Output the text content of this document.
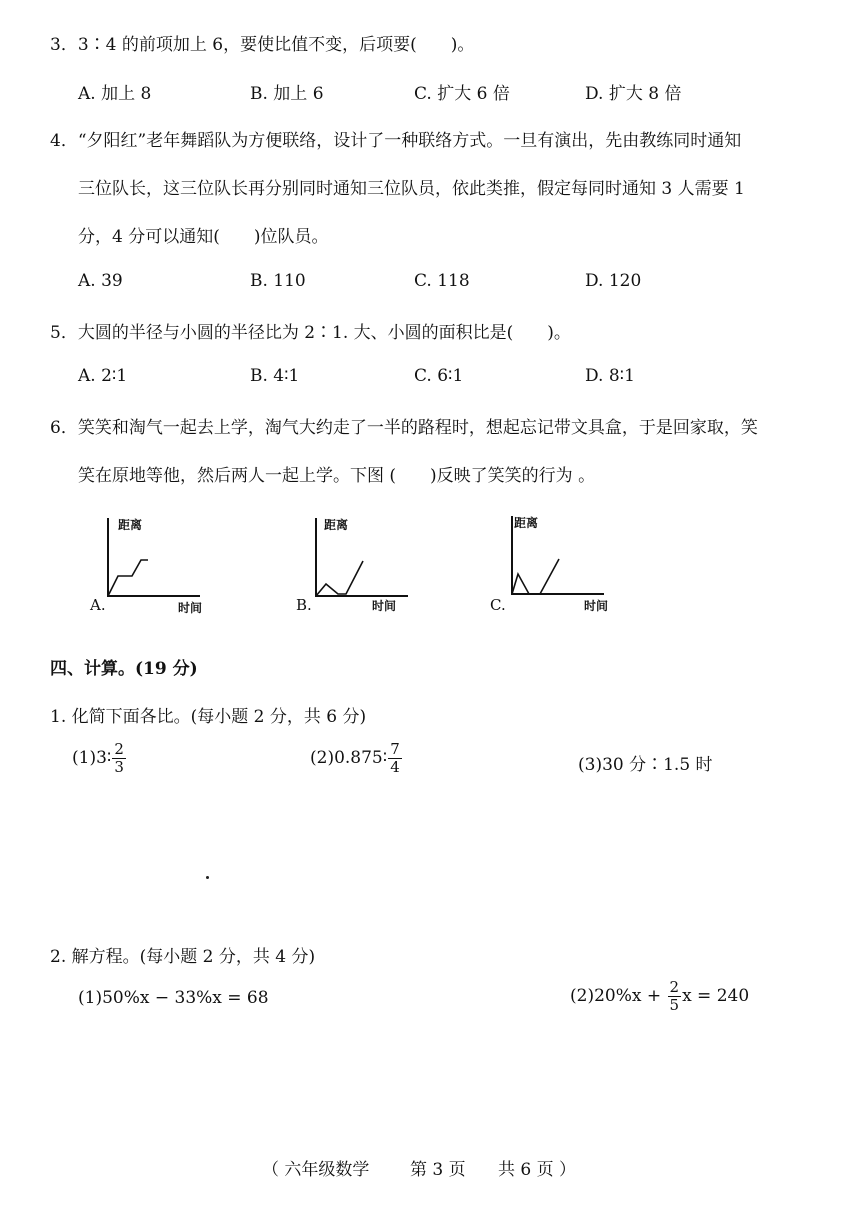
3．3∶4 的前项加上 6，要使比值不变，后项要(　　)。
A. 加上 8	B. 加上 6	C. 扩大 6 倍	D. 扩大 8 倍
4．“夕阳红”老年舞蹈队为方便联络，设计了一种联络方式。一旦有演出，先由教练同时通知
三位队长，这三位队长再分别同时通知三位队员，依此类推，假定每同时通知 3 人需要 1
分，4 分可以通知(　　)位队员。
A. 39	B. 110	C. 118	D. 120
5．大圆的半径与小圆的半径比为 2∶1. 大、小圆的面积比是(　　)。
A. 2∶1	B. 4∶1	C. 6∶1	D. 8∶1
6．笑笑和淘气一起去上学，淘气大约走了一半的路程时，想起忘记带文具盒，于是回家取，笑
笑在原地等他，然后两人一起上学。下图 (　　)反映了笑笑的行为 。
距离
时间
A.
距离
时间
B.
距离
时间
C.
四、计算。(19 分)
1. 化简下面各比。(每小题 2 分，共 6 分)
(1)3∶ $\frac{2}{3}$	(2)0.875∶ $\frac{7}{4}$	(3)30 分∶1.5 时
2. 解方程。(每小题 2 分，共 4 分)
(1)50%x − 33%x = 68	$(2)20\%x + \frac{2}{5}$ x = 240
（ 六年级数学 第 3 页 共 6 页 ）
